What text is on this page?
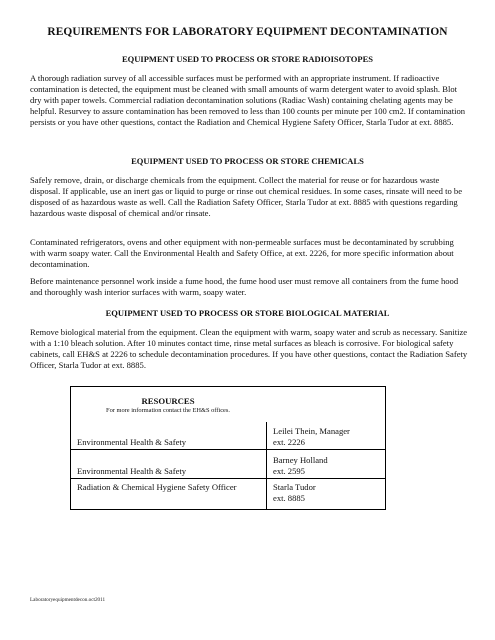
REQUIREMENTS FOR LABORATORY EQUIPMENT DECONTAMINATION
EQUIPMENT USED TO PROCESS OR STORE RADIOISOTOPES

A thorough radiation survey of all accessible surfaces must be performed with an appropriate instrument. If radioactive contamination is detected, the equipment must be cleaned with small amounts of warm detergent water to avoid splash. Blot dry with paper towels. Commercial radiation decontamination solutions (Radiac Wash) containing chelating agents may be helpful. Resurvey to assure contamination has been removed to less than 100 counts per minute per 100 cm2. If contamination persists or you have other questions, contact the Radiation and Chemical Hygiene Safety Officer, Starla Tudor at ext. 8885.

EQUIPMENT USED TO PROCESS OR STORE CHEMICALS

Safely remove, drain, or discharge chemicals from the equipment. Collect the material for reuse or for hazardous waste disposal. If applicable, use an inert gas or liquid to purge or rinse out chemical residues. In some cases, rinsate will need to be disposed of as hazardous waste as well. Call the Radiation Safety Officer, Starla Tudor at ext. 8885 with questions regarding hazardous waste disposal of chemical and/or rinsate.

Contaminated refrigerators, ovens and other equipment with non-permeable surfaces must be decontaminated by scrubbing with warm soapy water. Call the Environmental Health and Safety Office, at ext. 2226, for more specific information about decontamination.

Before maintenance personnel work inside a fume hood, the fume hood user must remove all containers from the fume hood and thoroughly wash interior surfaces with warm, soapy water.

EQUIPMENT USED TO PROCESS OR STORE BIOLOGICAL MATERIAL

Remove biological material from the equipment. Clean the equipment with warm, soapy water and scrub as necessary. Sanitize with a 1:10 bleach solution. After 10 minutes contact time, rinse metal surfaces as bleach is corrosive. For biological safety cabinets, call EH&S at 2226 to schedule decontamination procedures. If you have other questions, contact the Radiation Safety Officer, Starla Tudor at ext. 8885.

RESOURCES
For more information contact the EH&S offices.
Environmental Health & Safety	Leilei Thein, Manager
ext. 2226

Environmental Health & Safety	Barney Holland
ext. 2595

Radiation & Chemical Hygiene Safety Officer	Starla Tudor
ext. 8885
Laboratoryequipmentdecon.oct2011
